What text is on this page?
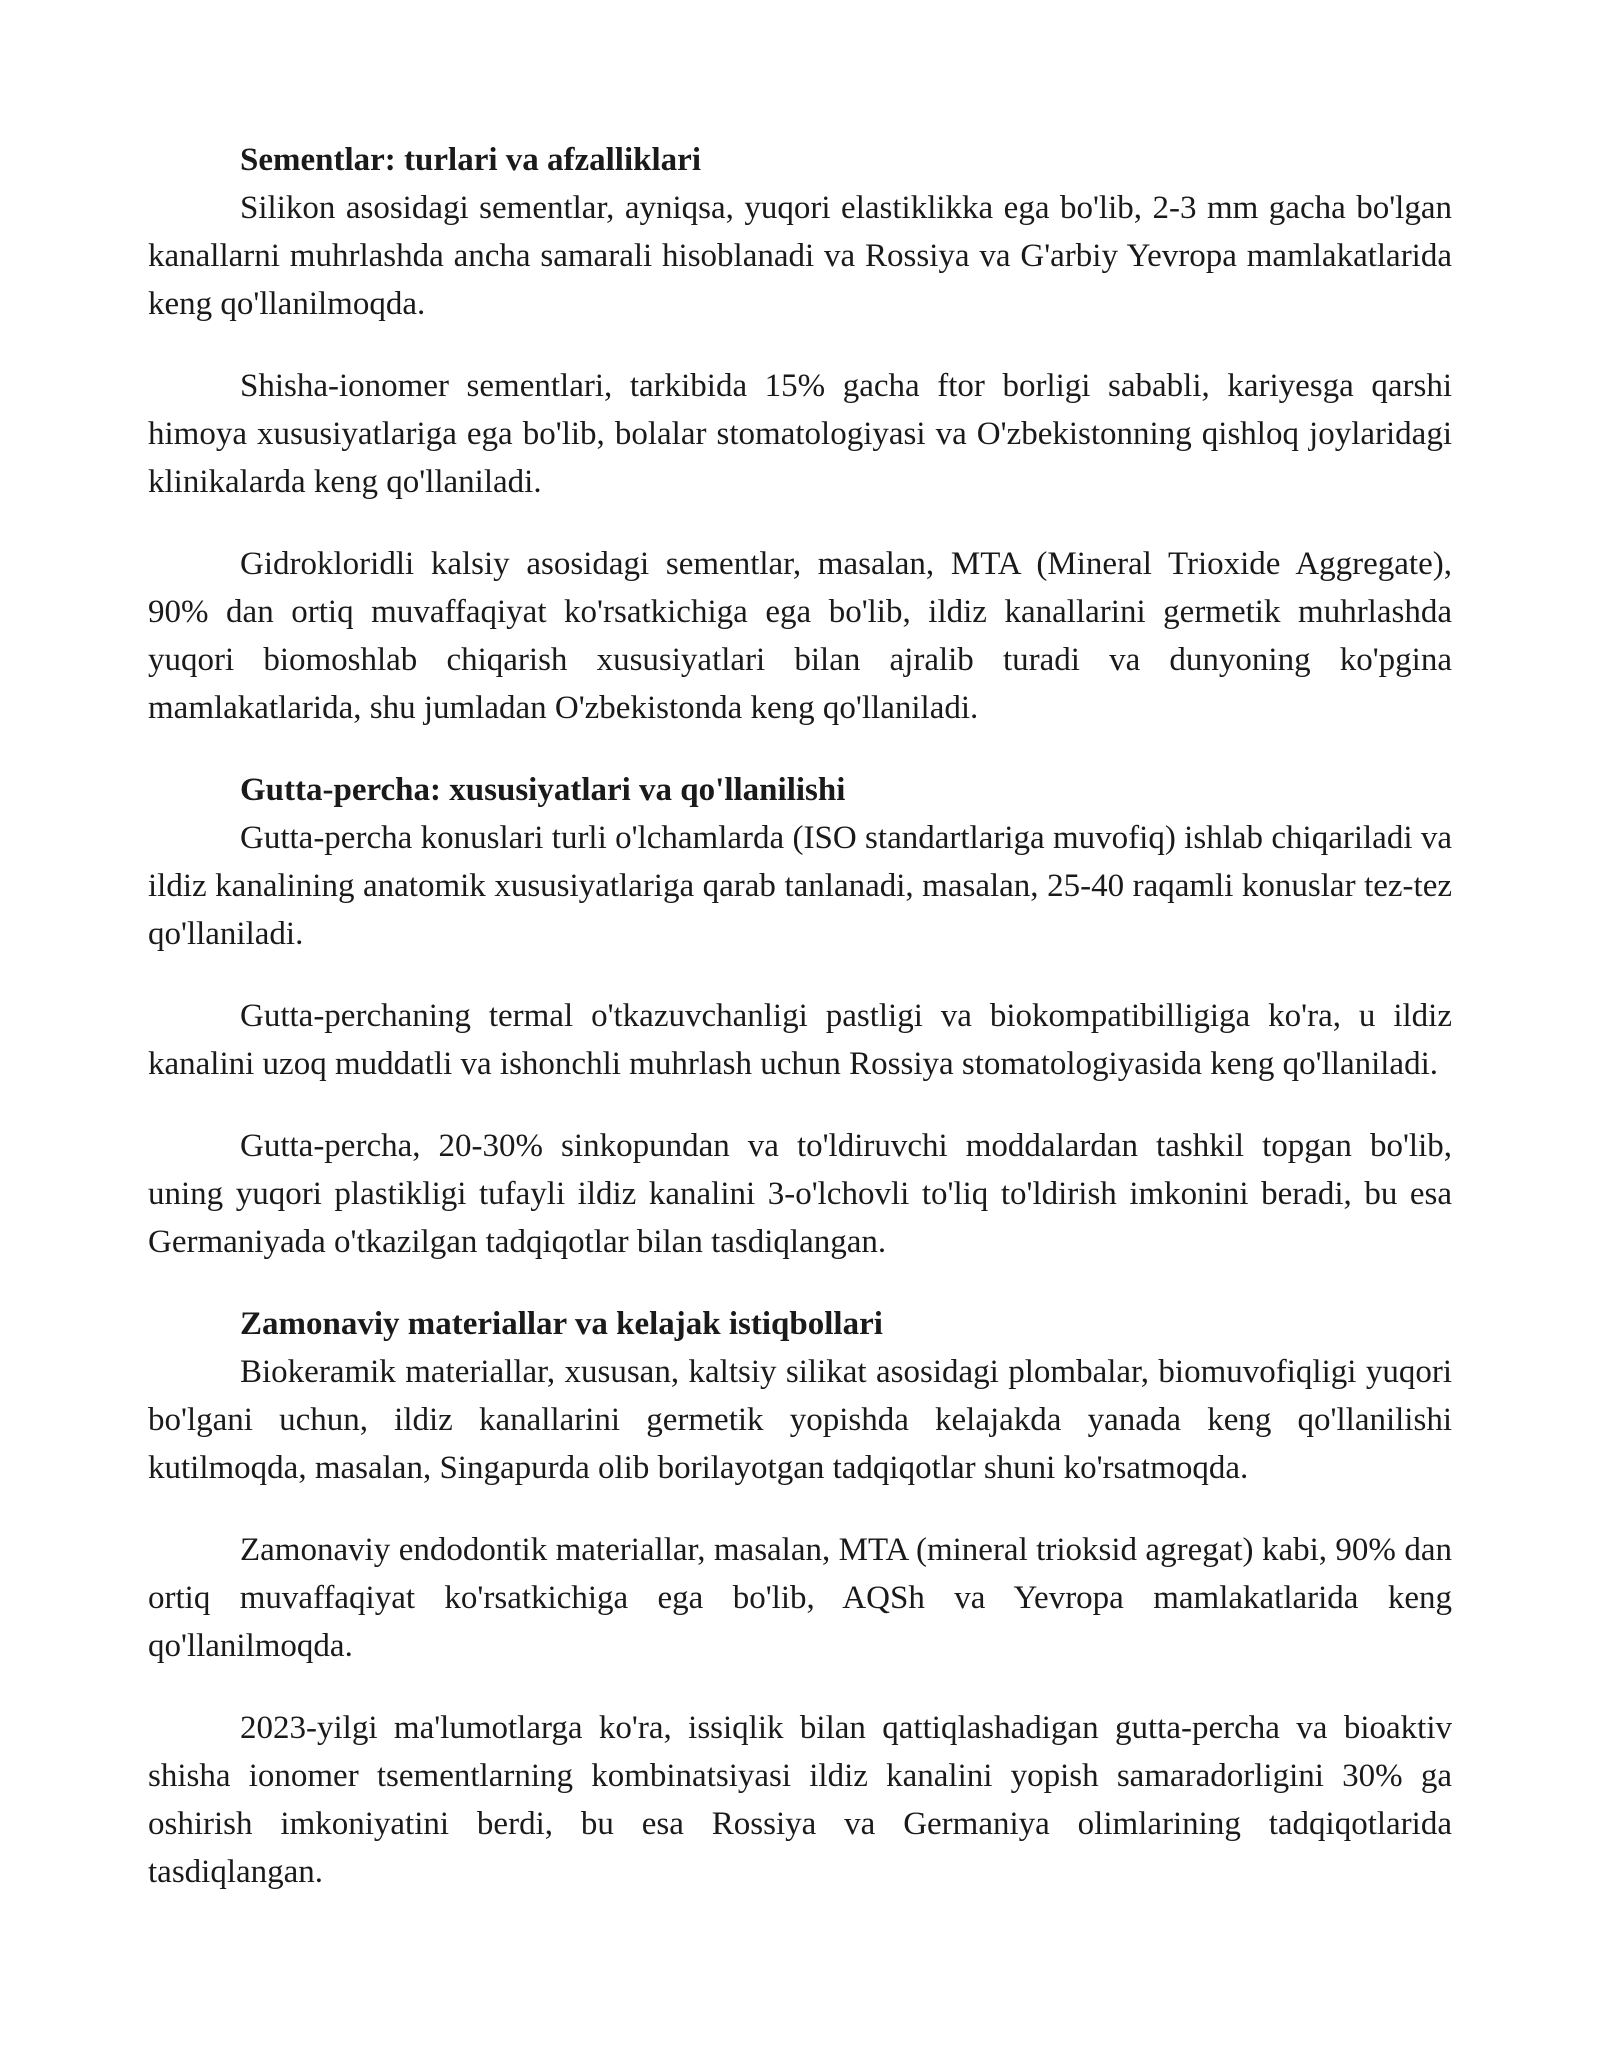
Sementlar: turlari va afzalliklari

Silikon asosidagi sementlar, ayniqsa, yuqori elastiklikka ega bo'lib, 2-3 mm gacha bo'lgan kanallarni muhrlashda ancha samarali hisoblanadi va Rossiya va G'arbiy Yevropa mamlakatlarida keng qo'llanilmoqda.

Shisha-ionomer sementlari, tarkibida 15% gacha ftor borligi sababli, kariyesga qarshi himoya xususiyatlariga ega bo'lib, bolalar stomatologiyasi va O'zbekistonning qishloq joylaridagi klinikalarda keng qo'llaniladi.

Gidrokloridli kalsiy asosidagi sementlar, masalan, MTA (Mineral Trioxide Aggregate), 90% dan ortiq muvaffaqiyat ko'rsatkichiga ega bo'lib, ildiz kanallarini germetik muhrlashda yuqori biomoshlab chiqarish xususiyatlari bilan ajralib turadi va dunyoning ko'pgina mamlakatlarida, shu jumladan O'zbekistonda keng qo'llaniladi.

Gutta-percha: xususiyatlari va qo'llanilishi

Gutta-percha konuslari turli o'lchamlarda (ISO standartlariga muvofiq) ishlab chiqariladi va ildiz kanalining anatomik xususiyatlariga qarab tanlanadi, masalan, 25-40 raqamli konuslar tez-tez qo'llaniladi.

Gutta-perchaning termal o'tkazuvchanligi pastligi va biokompatibilligiga ko'ra, u ildiz kanalini uzoq muddatli va ishonchli muhrlash uchun Rossiya stomatologiyasida keng qo'llaniladi.

Gutta-percha, 20-30% sinkopundan va to'ldiruvchi moddalardan tashkil topgan bo'lib, uning yuqori plastikligi tufayli ildiz kanalini 3-o'lchovli to'liq to'ldirish imkonini beradi, bu esa Germaniyada o'tkazilgan tadqiqotlar bilan tasdiqlangan.

Zamonaviy materiallar va kelajak istiqbollari

Biokeramik materiallar, xususan, kaltsiy silikat asosidagi plombalar, biomuvofiqligi yuqori bo'lgani uchun, ildiz kanallarini germetik yopishda kelajakda yanada keng qo'llanilishi kutilmoqda, masalan, Singapurda olib borilayotgan tadqiqotlar shuni ko'rsatmoqda.

Zamonaviy endodontik materiallar, masalan, MTA (mineral trioksid agregat) kabi, 90% dan ortiq muvaffaqiyat ko'rsatkichiga ega bo'lib, AQSh va Yevropa mamlakatlarida keng qo'llanilmoqda.

2023-yilgi ma'lumotlarga ko'ra, issiqlik bilan qattiqlashadigan gutta-percha va bioaktiv shisha ionomer tsementlarning kombinatsiyasi ildiz kanalini yopish samaradorligini 30% ga oshirish imkoniyatini berdi, bu esa Rossiya va Germaniya olimlarining tadqiqotlarida tasdiqlangan.
